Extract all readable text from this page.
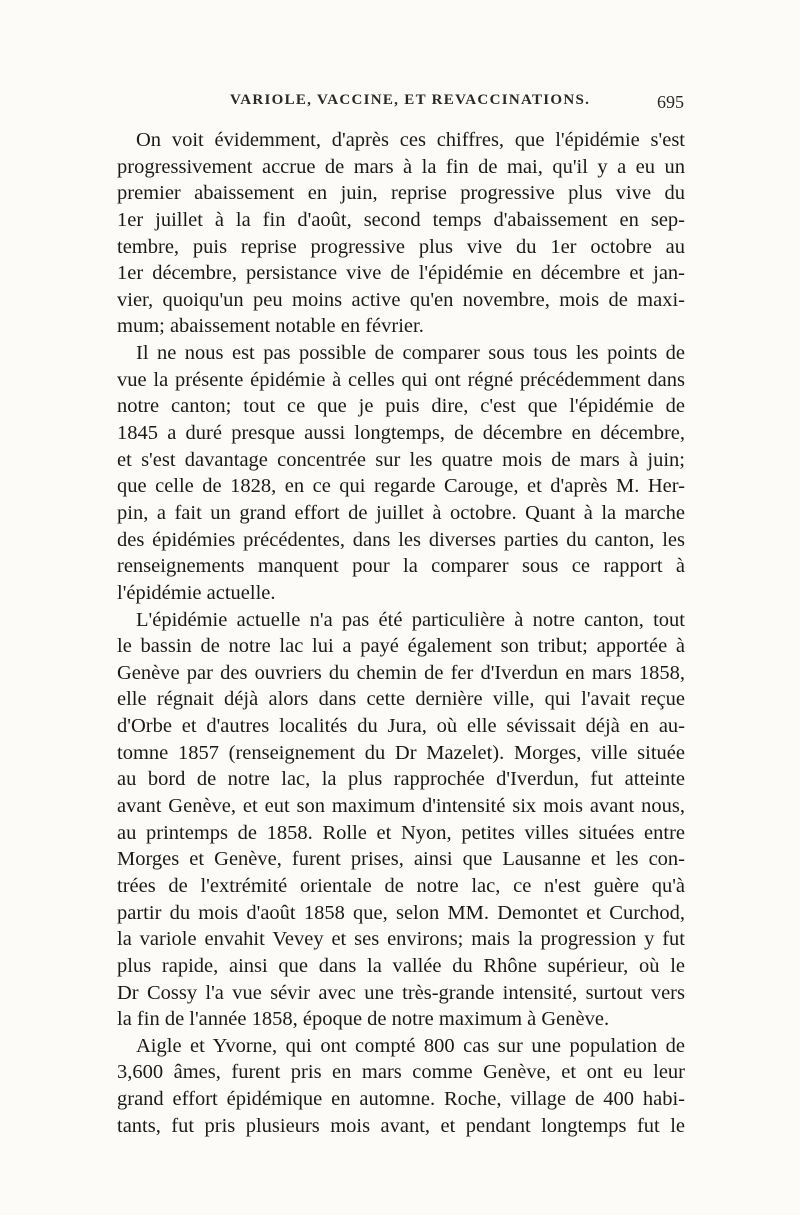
VARIOLE, VACCINE, ET REVACCINATIONS.	695
On voit évidemment, d'après ces chiffres, que l'épidémie s'est
progressivement accrue de mars à la fin de mai, qu'il y a eu un
premier abaissement en juin, reprise progressive plus vive du
1er juillet à la fin d'août, second temps d'abaissement en sep-
tembre, puis reprise progressive plus vive du 1er octobre au
1er décembre, persistance vive de l'épidémie en décembre et jan-
vier, quoiqu'un peu moins active qu'en novembre, mois de maxi-
mum; abaissement notable en février.
Il ne nous est pas possible de comparer sous tous les points de
vue la présente épidémie à celles qui ont régné précédemment dans
notre canton; tout ce que je puis dire, c'est que l'épidémie de
1845 a duré presque aussi longtemps, de décembre en décembre,
et s'est davantage concentrée sur les quatre mois de mars à juin;
que celle de 1828, en ce qui regarde Carouge, et d'après M. Her-
pin, a fait un grand effort de juillet à octobre. Quant à la marche
des épidémies précédentes, dans les diverses parties du canton, les
renseignements manquent pour la comparer sous ce rapport à
l'épidémie actuelle.
L'épidémie actuelle n'a pas été particulière à notre canton, tout
le bassin de notre lac lui a payé également son tribut; apportée à
Genève par des ouvriers du chemin de fer d'Iverdun en mars 1858,
elle régnait déjà alors dans cette dernière ville, qui l'avait reçue
d'Orbe et d'autres localités du Jura, où elle sévissait déjà en au-
tomne 1857 (renseignement du Dr Mazelet). Morges, ville située
au bord de notre lac, la plus rapprochée d'Iverdun, fut atteinte
avant Genève, et eut son maximum d'intensité six mois avant nous,
au printemps de 1858. Rolle et Nyon, petites villes situées entre
Morges et Genève, furent prises, ainsi que Lausanne et les con-
trées de l'extrémité orientale de notre lac, ce n'est guère qu'à
partir du mois d'août 1858 que, selon MM. Demontet et Curchod,
la variole envahit Vevey et ses environs; mais la progression y fut
plus rapide, ainsi que dans la vallée du Rhône supérieur, où le
Dr Cossy l'a vue sévir avec une très-grande intensité, surtout vers
la fin de l'année 1858, époque de notre maximum à Genève.
Aigle et Yvorne, qui ont compté 800 cas sur une population de
3,600 âmes, furent pris en mars comme Genève, et ont eu leur
grand effort épidémique en automne. Roche, village de 400 habi-
tants, fut pris plusieurs mois avant, et pendant longtemps fut le
